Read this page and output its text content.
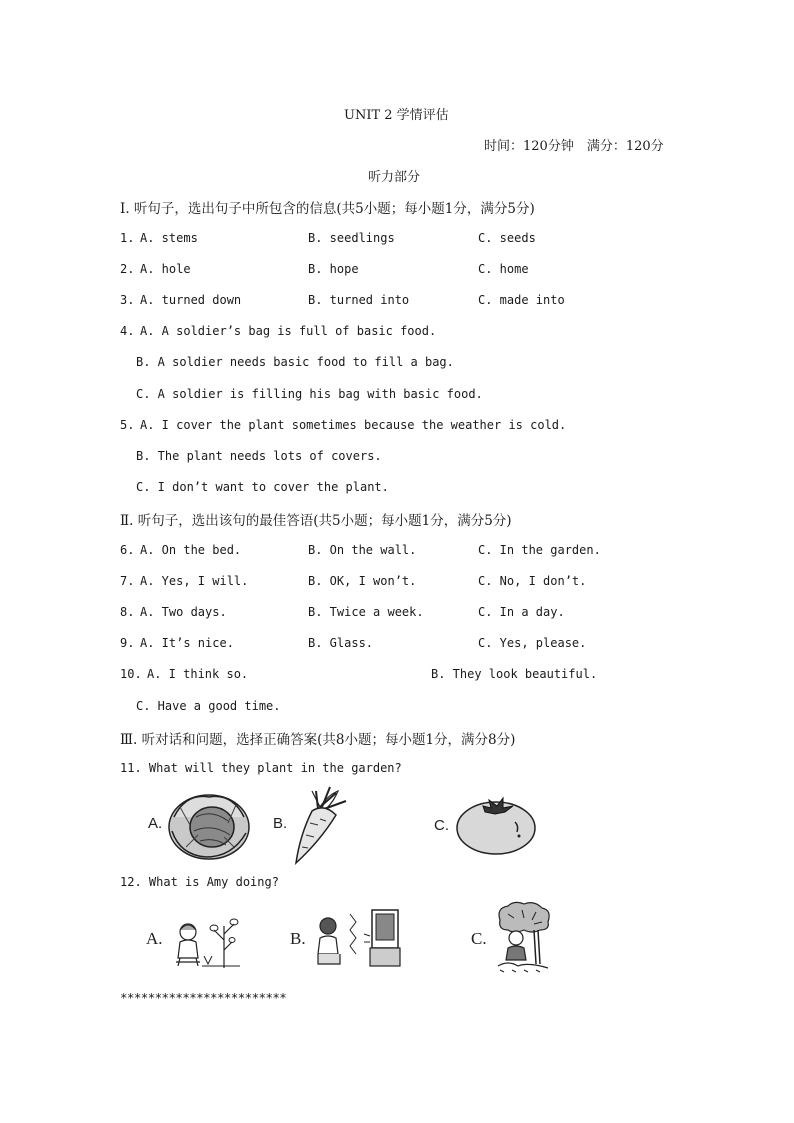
UNIT 2 学情评估
时间：120分钟　满分：120分
听力部分
Ⅰ. 听句子，选出句子中所包含的信息(共5小题；每小题1分，满分5分)
1. A. stems	B. seedlings	C. seeds
2. A. hole	B. hope	C. home
3. A. turned down	B. turned into	C. made into
4. A. A soldier’s bag is full of basic food.
B. A soldier needs basic food to fill a bag.
C. A soldier is filling his bag with basic food.
5. A. I cover the plant sometimes because the weather is cold.
B. The plant needs lots of covers.
C. I don’t want to cover the plant.
Ⅱ. 听句子，选出该句的最佳答语(共5小题；每小题1分，满分5分)
6. A. On the bed.	B. On the wall.	C. In the garden.
7. A. Yes, I will.	B. OK, I won’t.	C. No, I don’t.
8. A. Two days.	B. Twice a week.	C. In a day.
9. A. It’s nice.	B. Glass.	C. Yes, please.
10. A. I think so.	B. They look beautiful.
C. Have a good time.
Ⅲ. 听对话和问题，选择正确答案(共8小题；每小题1分，满分8分)
11. What will they plant in the garden?
A.	B.	C.
12. What is Amy doing?
A.	B.	C.
************************
